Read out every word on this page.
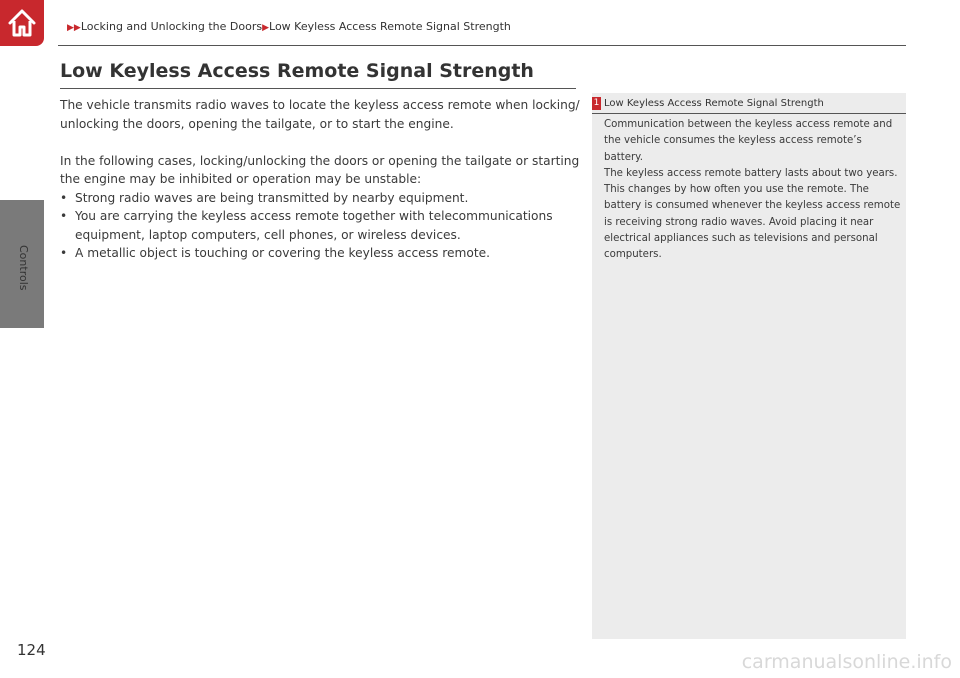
Controls
▶▶Locking and Unlocking the Doors▶Low Keyless Access Remote Signal Strength
Low Keyless Access Remote Signal Strength

The vehicle transmits radio waves to locate the keyless access remote when locking/ unlocking the doors, opening the tailgate, or to start the engine.

In the following cases, locking/unlocking the doors or opening the tailgate or starting the engine may be inhibited or operation may be unstable:

• Strong radio waves are being transmitted by nearby equipment.
• You are carrying the keyless access remote together with telecommunications equipment, laptop computers, cell phones, or wireless devices.
• A metallic object is touching or covering the keyless access remote.
1 Low Keyless Access Remote Signal Strength

Communication between the keyless access remote and the vehicle consumes the keyless access remote’s battery.

The keyless access remote battery lasts about two years. This changes by how often you use the remote. The battery is consumed whenever the keyless access remote is receiving strong radio waves. Avoid placing it near electrical appliances such as televisions and personal computers.

124
carmanualsonline.info
